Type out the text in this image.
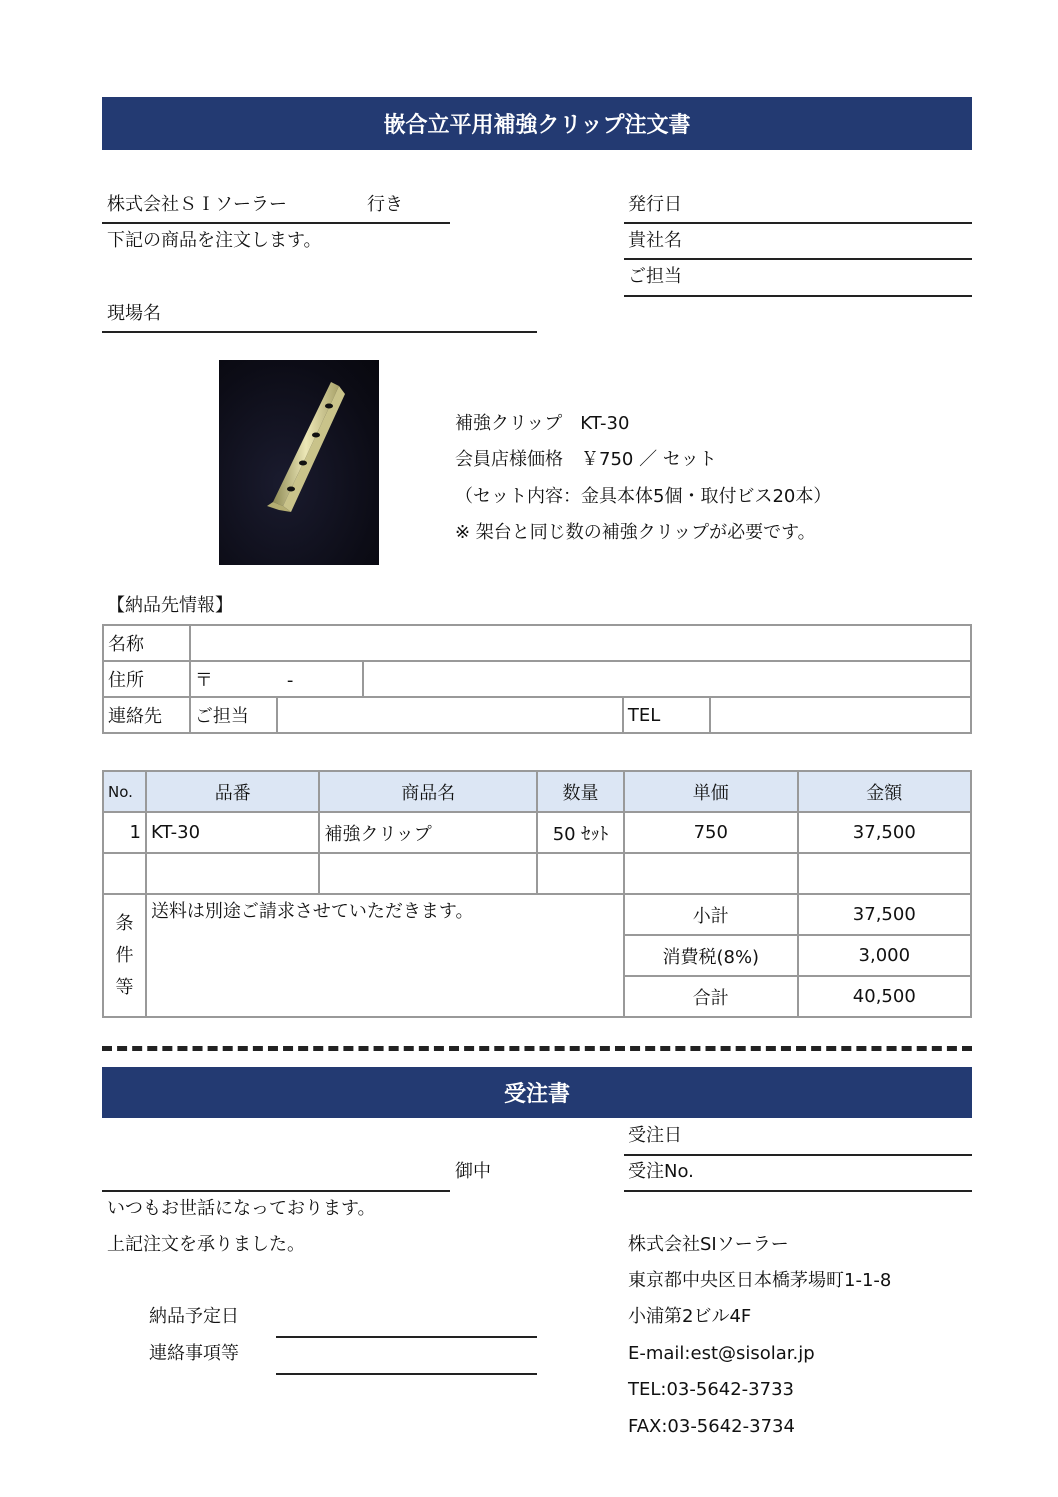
嵌合立平用補強クリップ注文書
株式会社ＳＩソーラー	行き
下記の商品を注文します。
発行日
貴社名
ご担当
現場名
補強クリップ　KT-30
会員店様価格　￥750 ／ セット
（セット内容：金具本体5個・取付ビス20本）
※ 架台と同じ数の補強クリップが必要です。
【納品先情報】
名称					
住所	〒 -				
連絡先	ご担当			TEL	
No.	品番	商品名	数量	単価	金額
1	KT-30	補強クリップ	50 ｾｯﾄ	750	37,500

条
件
等	送料は別途ご請求させていただきます。			小計	37,500
				消費税(8%)	3,000
				合計	40,500
受注書
御中
受注日
受注No.
いつもお世話になっております。
上記注文を承りました。
納品予定日
連絡事項等
株式会社SIソーラー
東京都中央区日本橋茅場町1-1-8
小浦第2ビル4F
E-mail:est@sisolar.jp
TEL:03-5642-3733
FAX:03-5642-3734
